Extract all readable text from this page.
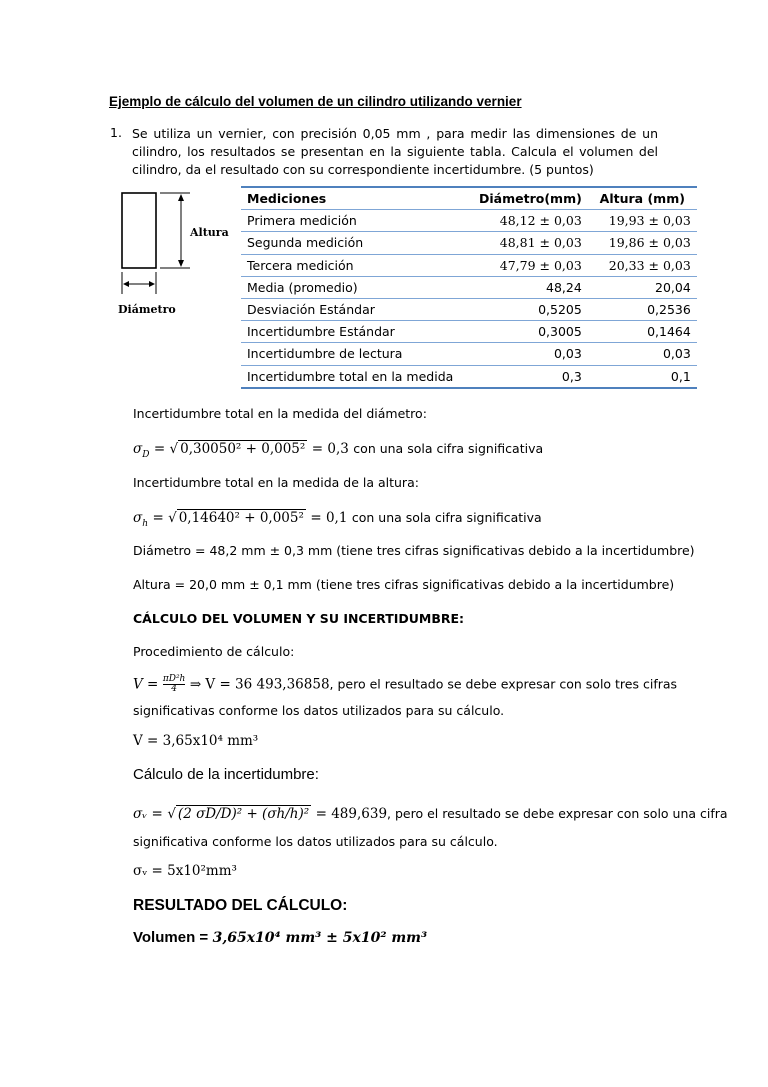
Ejemplo de cálculo del volumen de un cilindro utilizando vernier
1. Se utiliza un vernier, con precisión 0,05 mm , para medir las dimensiones de un cilindro, los resultados se presentan en la siguiente tabla. Calcula el volumen del cilindro, da el resultado con su correspondiente incertidumbre. (5 puntos)
Altura
Diámetro
Mediciones	Diámetro(mm)	Altura (mm)
Primera medición	48,12 ± 0,03	19,93 ± 0,03
Segunda medición	48,81 ± 0,03	19,86 ± 0,03
Tercera medición	47,79 ± 0,03	20,33 ± 0,03
Media (promedio)	48,24	20,04
Desviación Estándar	0,5205	0,2536
Incertidumbre Estándar	0,3005	0,1464
Incertidumbre de lectura	0,03	0,03
Incertidumbre total en la medida	0,3	0,1
Incertidumbre total en la medida del diámetro:
$\sigma_D$ = √ 0,30050² + 0,005² = 0,3 con una sola cifra significativa
Incertidumbre total en la medida de la altura:
$\sigma_h$ = √ 0,14640² + 0,005² = 0,1 con una sola cifra significativa
Diámetro = 48,2 mm ± 0,3 mm (tiene tres cifras significativas debido a la incertidumbre)
Altura = 20,0 mm ± 0,1 mm (tiene tres cifras significativas debido a la incertidumbre)
CÁLCULO DEL VOLUMEN Y SU INCERTIDUMBRE:
Procedimiento de cálculo:
$V = \frac{\text{πD²h}}{4}$ ⇒ V = 36 493,36858, pero el resultado se debe expresar con solo tres cifras
significativas conforme los datos utilizados para su cálculo.
V = 3,65x10⁴ mm³
Cálculo de la incertidumbre:
σᵥ = √ (2 σD/D)² + (σh/h)² = 489,639, pero el resultado se debe expresar con solo una cifra
significativa conforme los datos utilizados para su cálculo.
σᵥ = 5x10²mm³
RESULTADO DEL CÁLCULO:
Volumen = 3,65x10⁴ mm³ ± 5x10² mm³
